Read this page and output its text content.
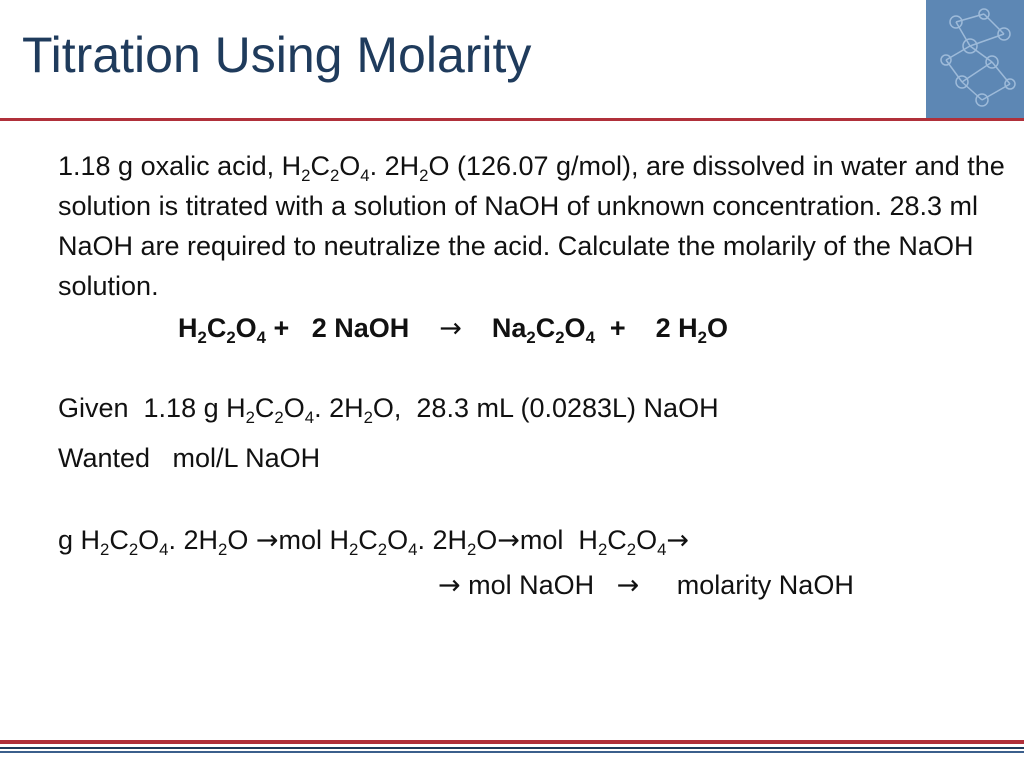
Titration Using Molarity

1.18 g oxalic acid, $H_2C_2O_4$. $2H_2O$ (126.07 g/mol), are dissolved in water and the solution is titrated with a solution of NaOH of unknown concentration. 28.3 ml NaOH are required to neutralize the acid. Calculate the molarily of the NaOH solution.

$H_2C_2O_4 + 2$ NaOH    →    $Na_2C_2O_4$  +    2 $H_2O$

Given  1.18 g $H_2C_2O_4$. $2H_2O$,  28.3 mL (0.0283L) NaOH

Wanted   mol/L NaOH

g $H_2C_2O_4$. $2H_2O \to mol$ $H_2C_2O_4$. $2H_2O\to mol$  $H_2C_2O_4\to$

→ mol NaOH   →     molarity NaOH
